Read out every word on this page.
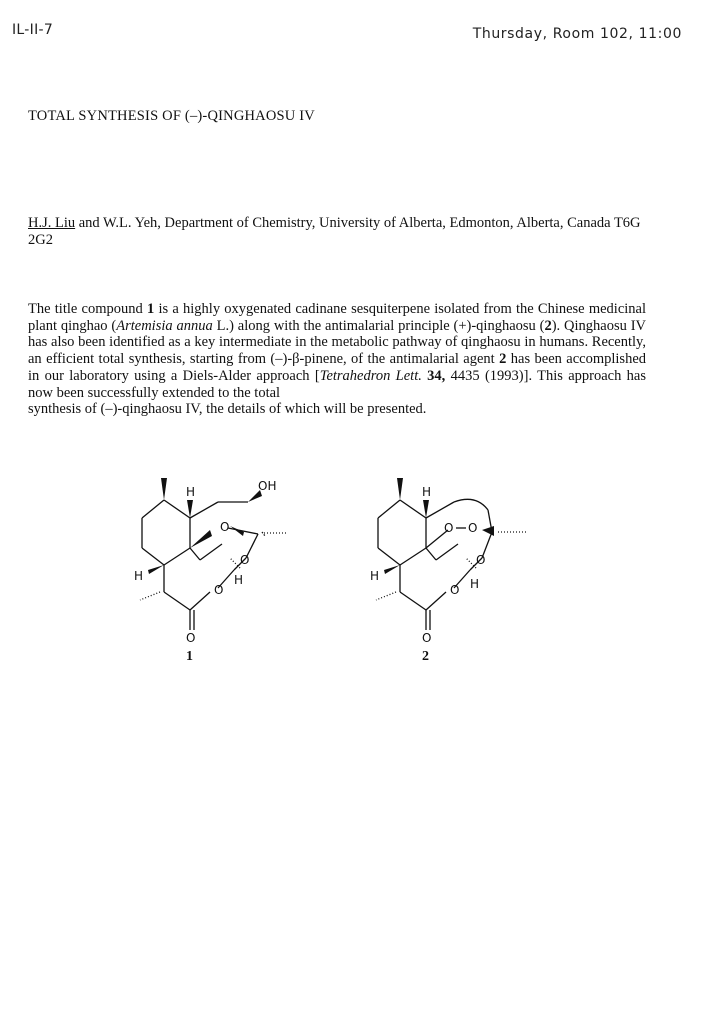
IL-II-7	Thursday, Room 102, 11:00
TOTAL SYNTHESIS OF (–)-QINGHAOSU IV
H.J. Liu and W.L. Yeh, Department of Chemistry, University of Alberta, Edmonton, Alberta, Canada T6G 2G2
The title compound 1 is a highly oxygenated cadinane sesquiterpene isolated from the Chinese medicinal plant qinghao (Artemisia annua L.) along with the antimalarial principle (+)-qinghaosu (2). Qinghaosu IV has also been identified as a key intermediate in the metabolic pathway of qinghaosu in humans. Recently, an efficient total synthesis, starting from (–)-β-pinene, of the antimalarial agent 2 has been accomplished in our laboratory using a Diels-Alder approach [Tetrahedron Lett. 34, 4435 (1993)]. This approach has now been successfully extended to the total
synthesis of (–)-qinghaosu IV, the details of which will be presented.
H	OH
O
O
O
H
H
O
1
H
O O
O
O H
H
O
2
